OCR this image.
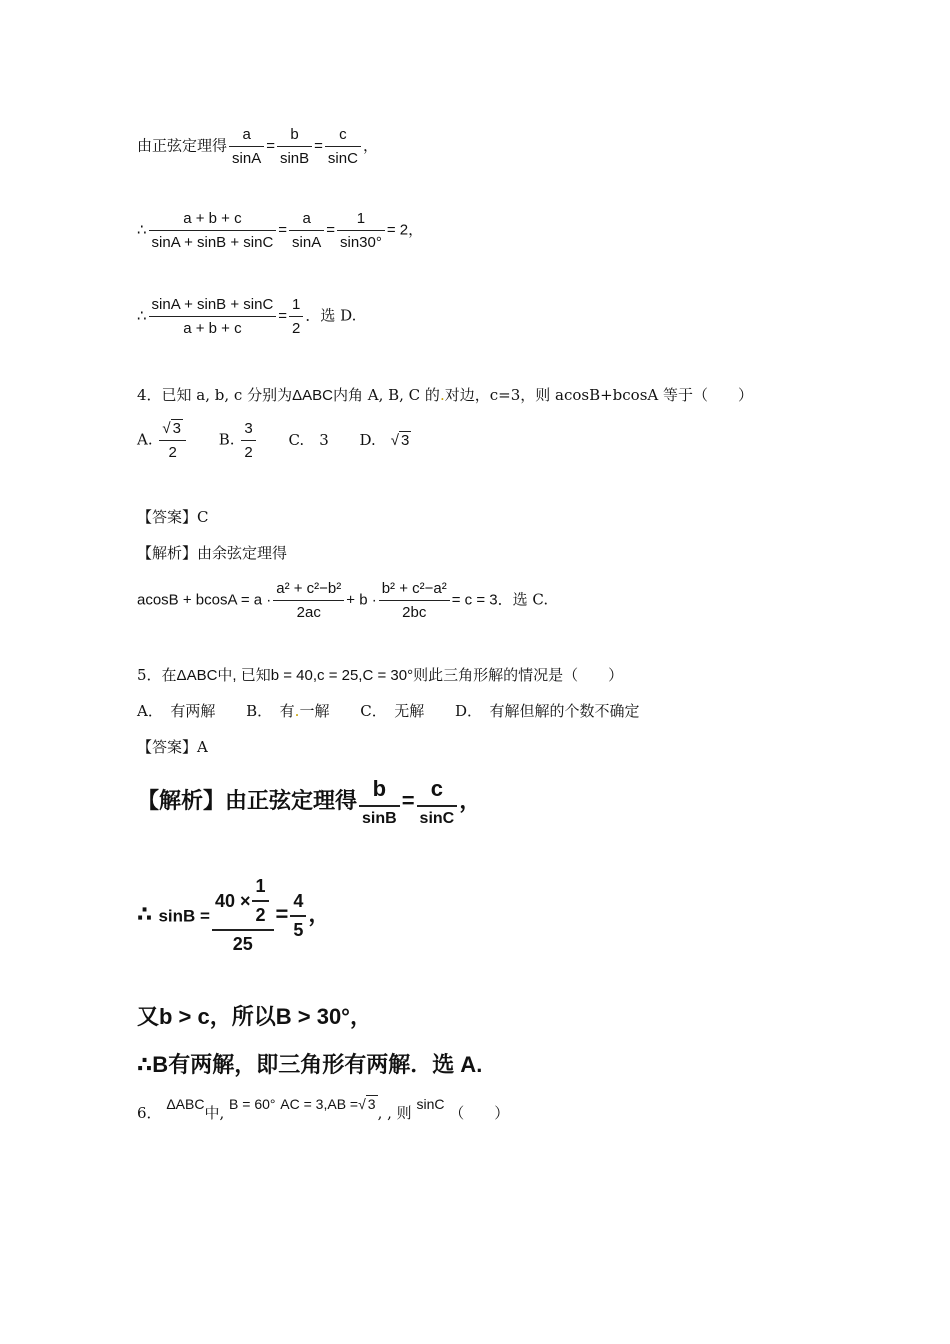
由正弦定理得 $\frac{a}{\sin A} = \frac{b}{\sin B} = \frac{c}{\sin C}$ ，
∴ $\frac{a + b + c}{\sin A + \sin B + \sin C} = \frac{a}{\sin A} = \frac{1}{\sin 30^\circ} = 2$，
∴ $\frac{\sin A + \sin B + \sin C}{a + b + c} = \frac{1}{2}$ ．选 D.
4．已知 a, b, c 分别为ΔABC内角 A, B, C 的.对边，c=3，则 acosB+bcosA 等于（　　）
A. $\frac{√ 3}{2} B$. $\frac{3}{2} C$.　 3 D.　 √ 3
【答案】C
【解析】由余弦定理得
$acosB + bcosA = a \cdot \frac{\text{a² + c²−b²}}{2ac} + b \cdot \frac{\text{b² + c²−a²}}{2bc} = c = 3$．选 C.
5．在ΔABC中, 已知b = 40,c = 25,C = 30°则此三角形解的情况是（　　）
A．　有两解 B．　有.一解 C．　无解 D．　有解但解的个数不确定
【答案】A
【解析】由正弦定理得 $\frac{b}{\sin B} = \frac{c}{\sin C}$ ，
∴ $\sin B = \frac{40 \times \frac{1}{2}}{25} = \frac{4}{5}$ ，
又b > c，所以B > 30°，
∴B有两解，即三角形有两解．选 A.
6． ΔABC中, B = 60° AC = 3,AB =√ 3 , , 则 sinC （　　）
